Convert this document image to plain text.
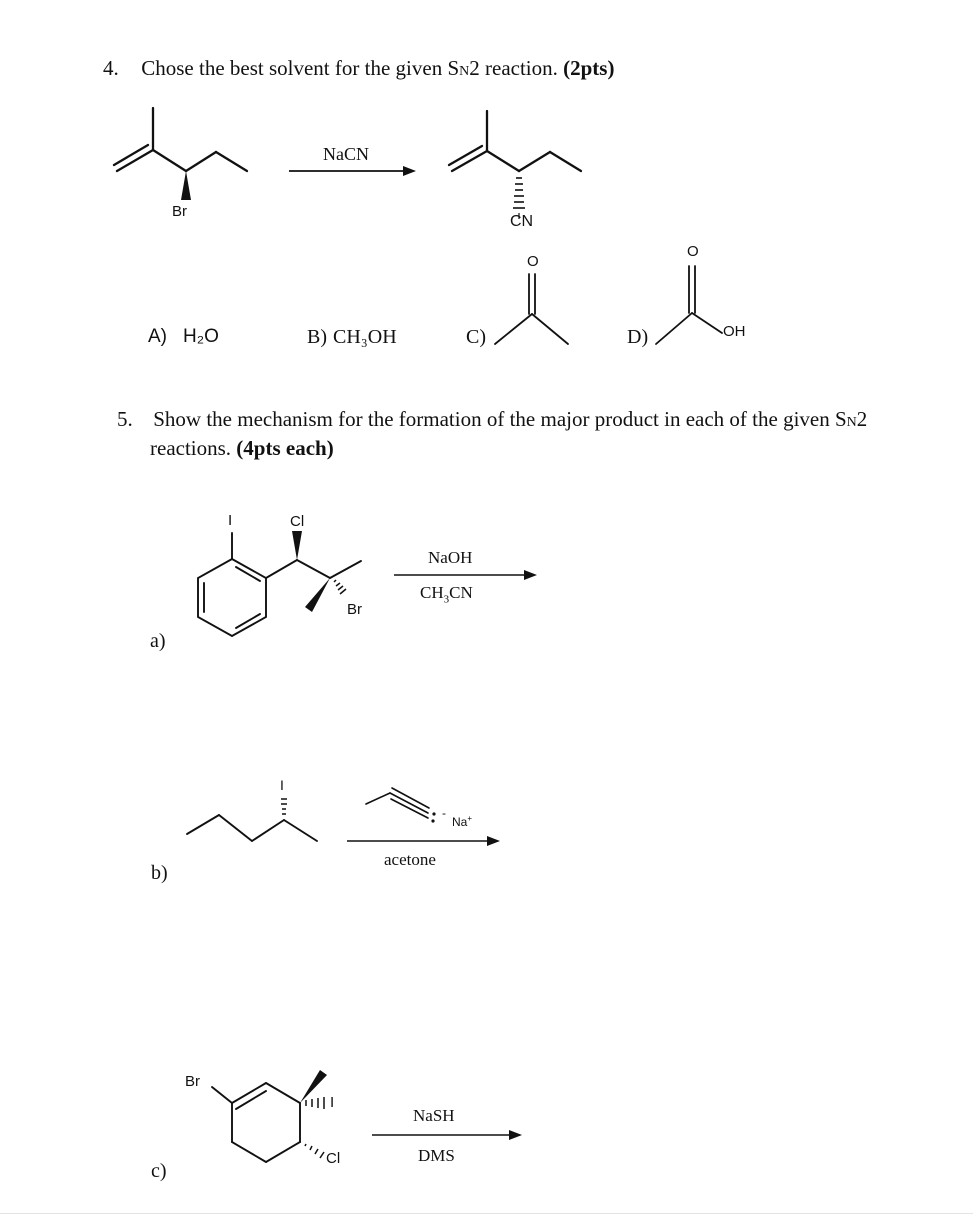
4. Chose the best solvent for the given SN2 reaction. (2pts)
Br
NaCN
CN
A) H₂O	B) CH₃OH	C)	D)
O
O
OH
5. Show the mechanism for the formation of the major product in each of the given SN2
reactions. (4pts each)
a)
I	Cl
Br
NaOH
$CH_3CN$
b)
I
-
Na+
acetone
c)
Br
I
Cl
NaSH
DMS
